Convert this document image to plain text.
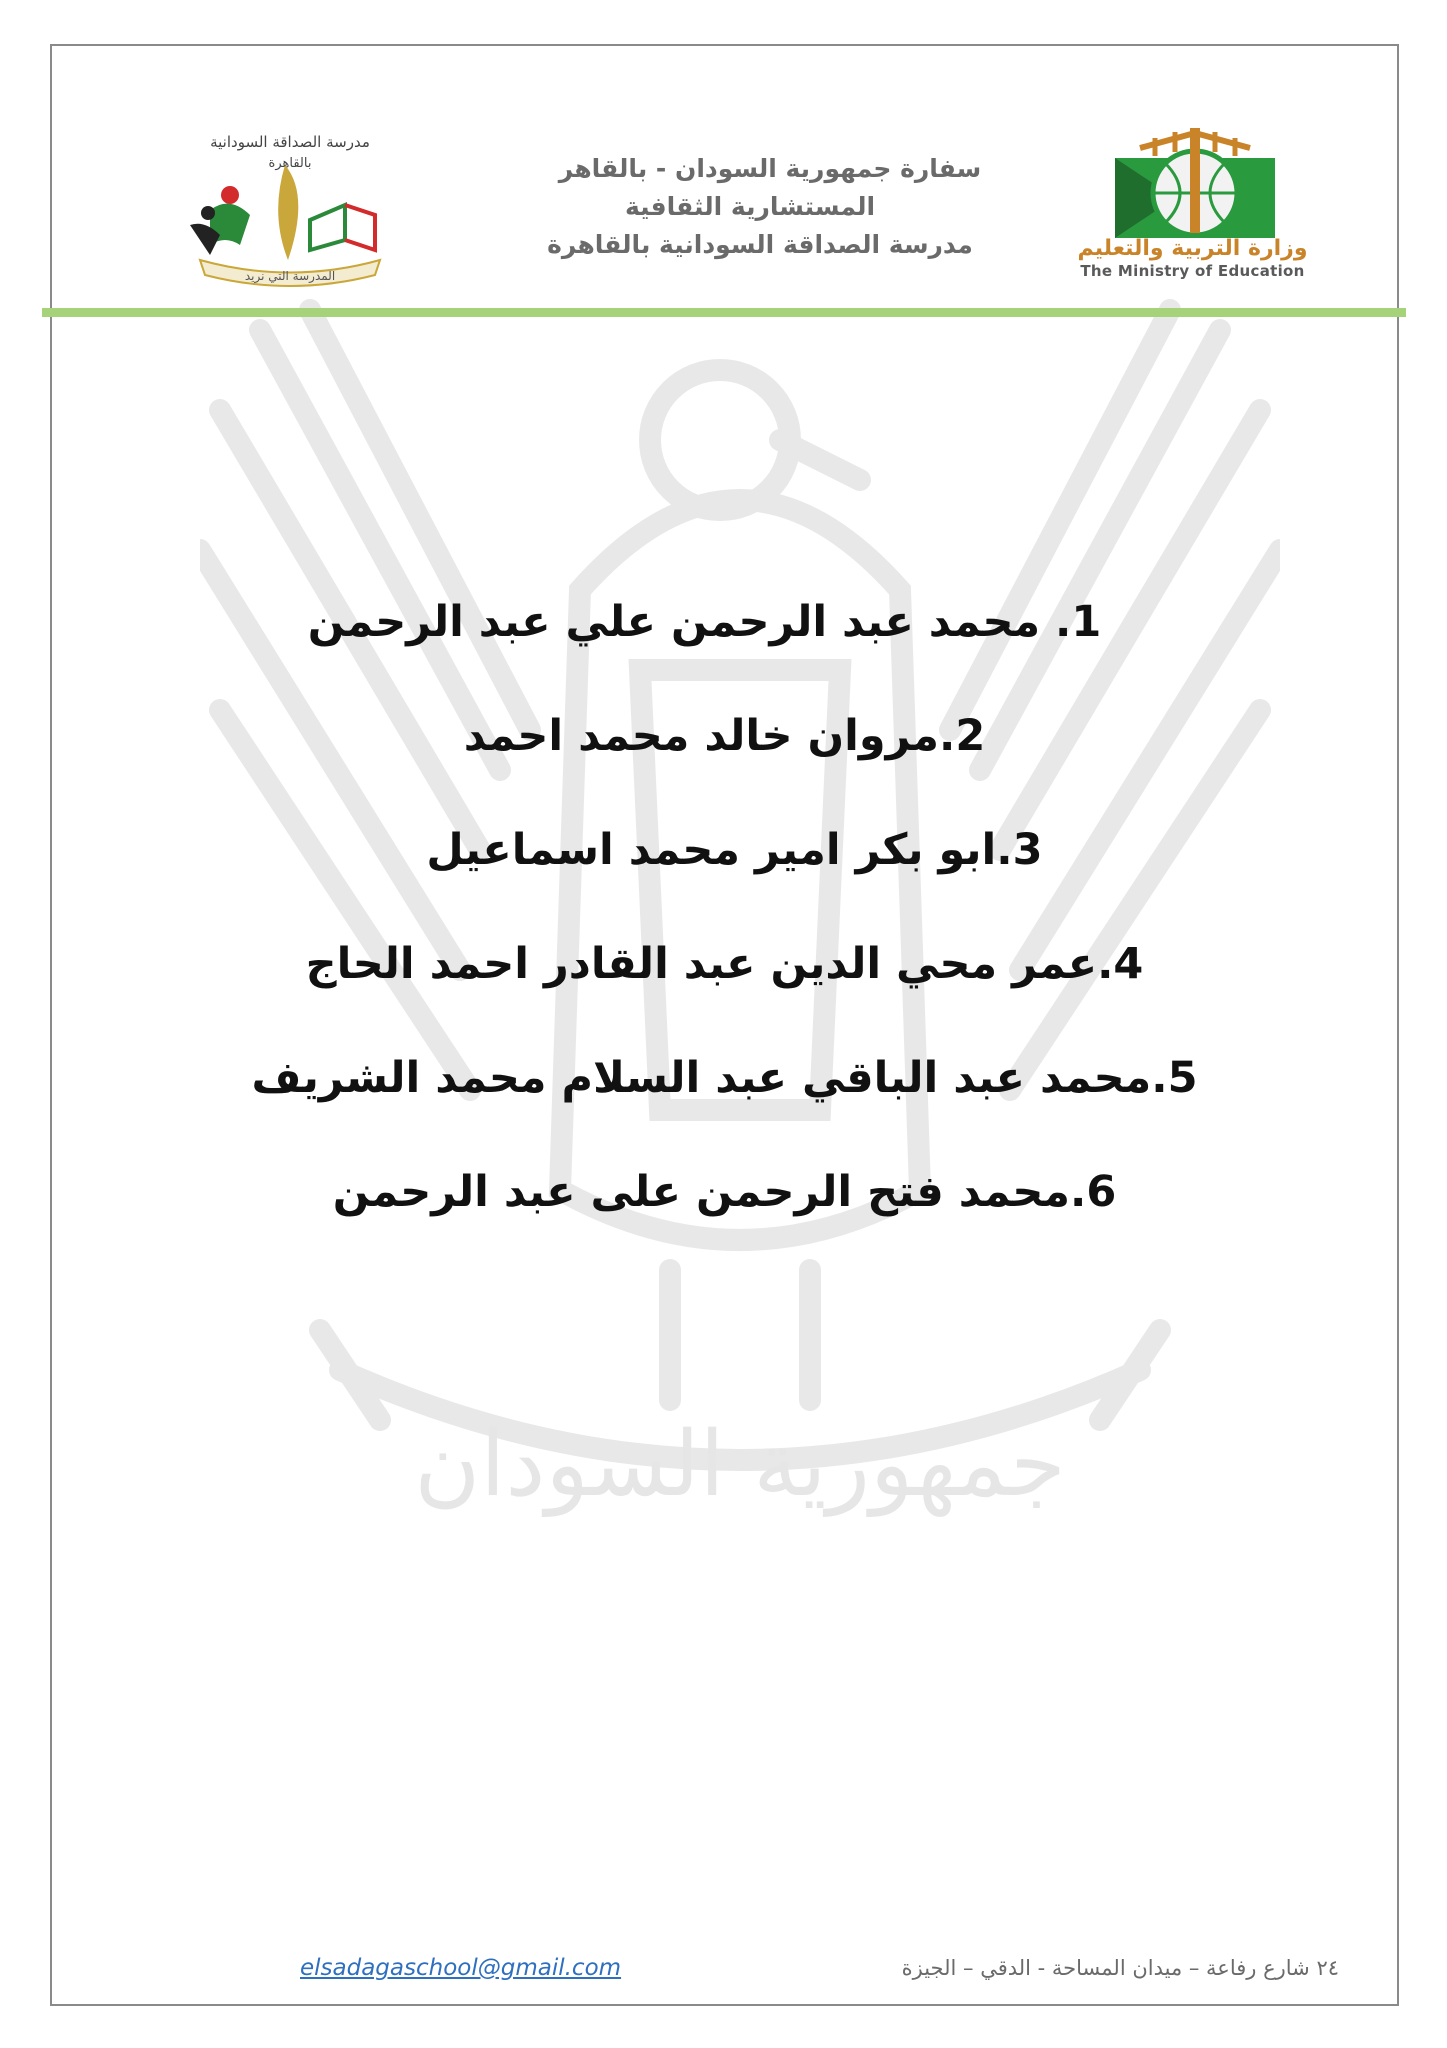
جمهورية السودان
مدرسة الصداقة السودانية
بالقاهرة
المدرسة التي نريد
سفارة جمهورية السودان - بالقاهر
المستشارية الثقافية
مدرسة الصداقة السودانية بالقاهرة	وزارة التربية والتعليم
The Ministry of Education
1. محمد عبد الرحمن علي عبد الرحمن
2.مروان خالد محمد احمد
3.ابو بكر امير محمد اسماعيل
4.عمر محي الدين عبد القادر احمد الحاج
5.محمد عبد الباقي عبد السلام محمد الشريف
6.محمد فتح الرحمن على عبد الرحمن
elsadagaschool@gmail.com	٢٤ شارع رفاعة – ميدان المساحة - الدقي – الجيزة
